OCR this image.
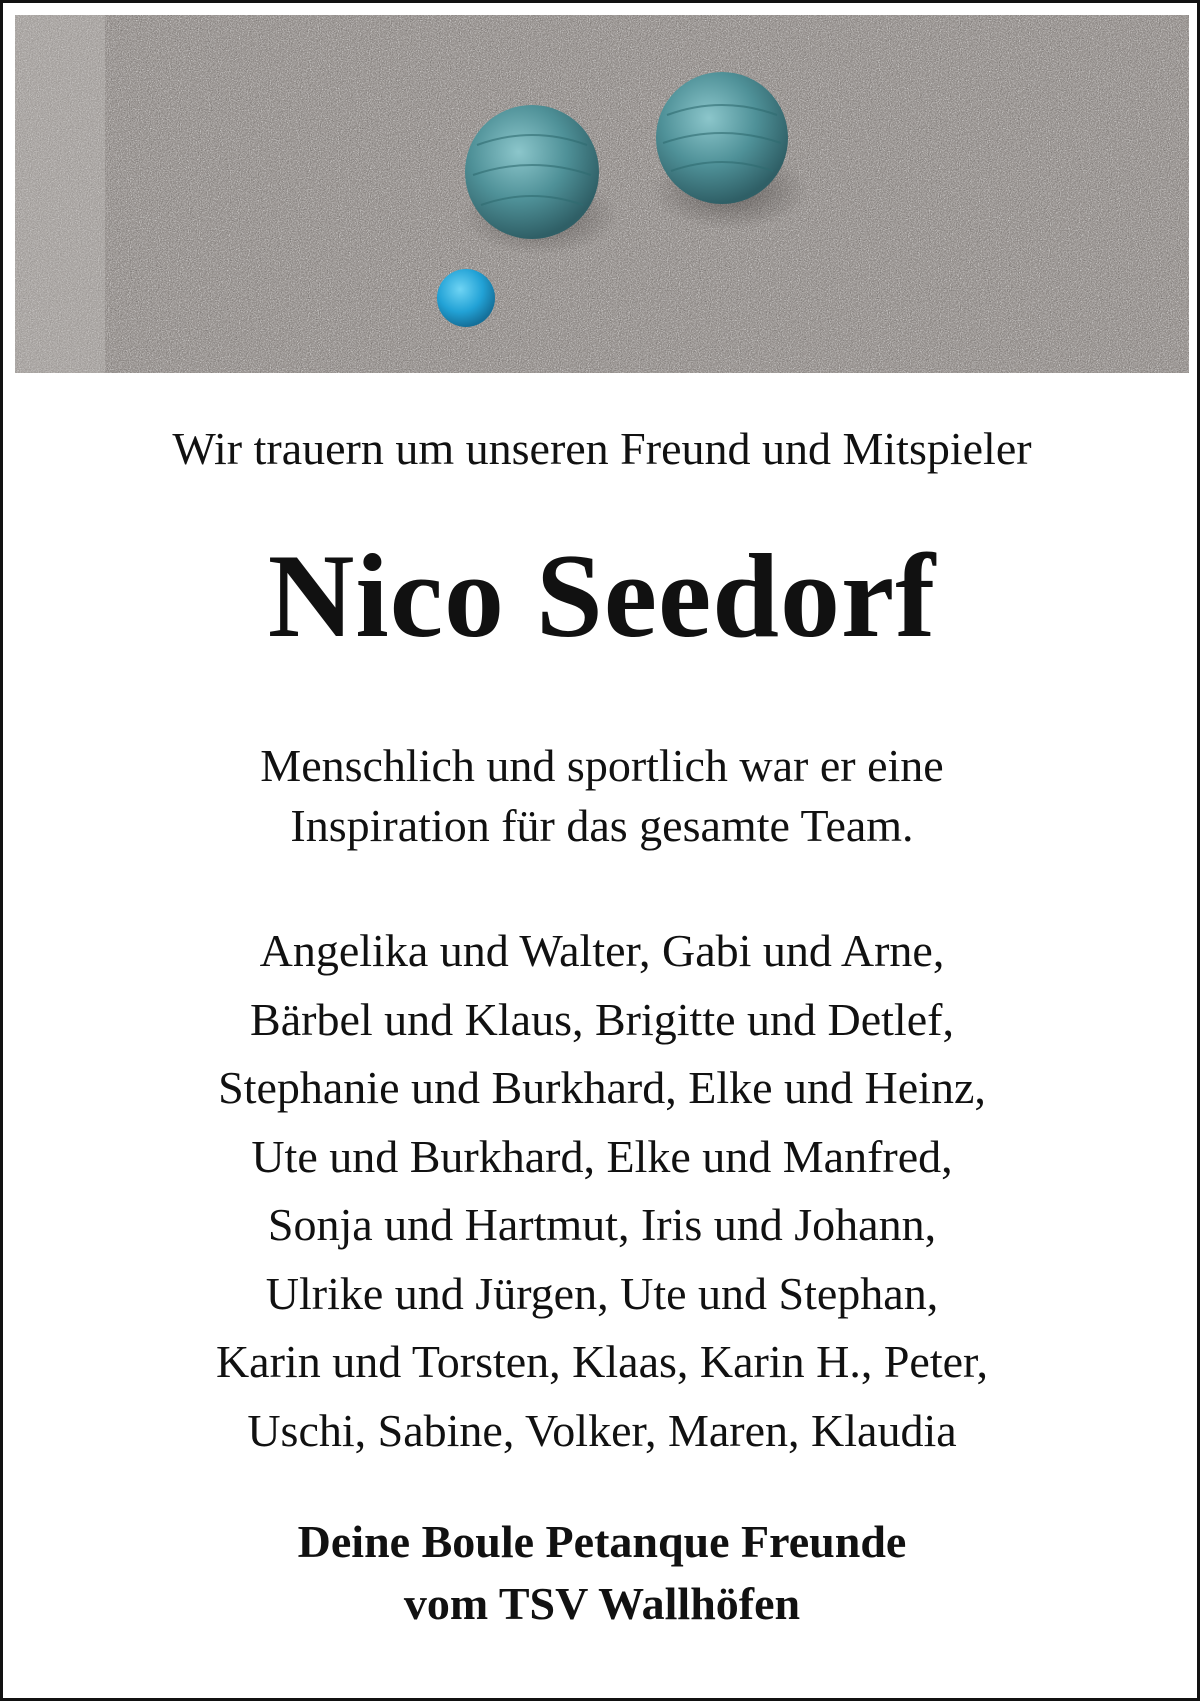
Wir trauern um unseren Freund und Mitspieler
Nico Seedorf
Menschlich und sportlich war er eine
Inspiration für das gesamte Team.
Angelika und Walter, Gabi und Arne,
Bärbel und Klaus, Brigitte und Detlef,
Stephanie und Burkhard, Elke und Heinz,
Ute und Burkhard, Elke und Manfred,
Sonja und Hartmut, Iris und Johann,
Ulrike und Jürgen, Ute und Stephan,
Karin und Torsten, Klaas, Karin H., Peter,
Uschi, Sabine, Volker, Maren, Klaudia
Deine Boule Petanque Freunde
vom TSV Wallhöfen
